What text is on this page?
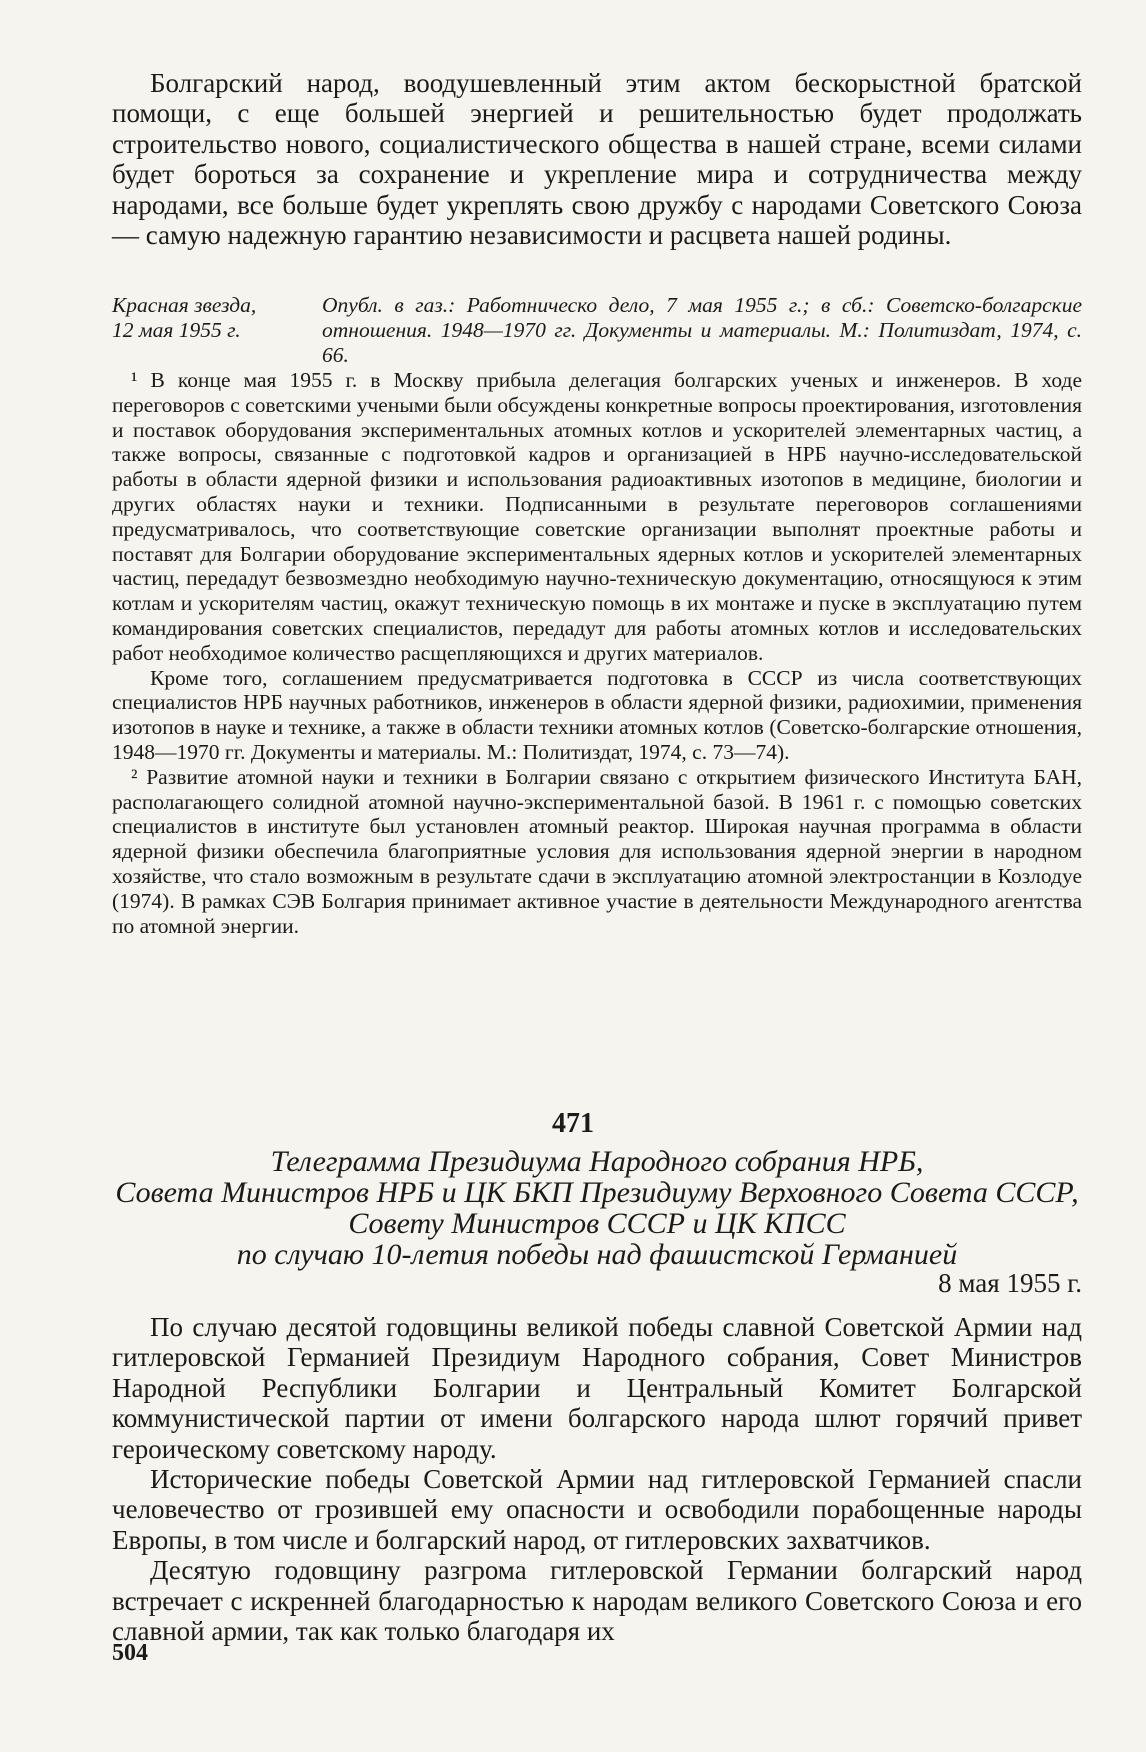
Болгарский народ, воодушевленный этим актом бескорыстной братской помощи, с еще большей энергией и решительностью будет продолжать строительство нового, социалистического общества в нашей стране, всеми силами будет бороться за сохранение и укрепление мира и сотрудничества между народами, все больше будет укреплять свою дружбу с народами Советского Союза — самую надежную гарантию независимости и расцвета нашей родины.

Красная звезда,
12 мая 1955 г.
Опубл. в газ.: Работническо дело, 7 мая 1955 г.; в сб.: Советско-болгарские отношения. 1948—1970 гг. Документы и материалы. М.: Политиздат, 1974, с. 66.

¹ В конце мая 1955 г. в Москву прибыла делегация болгарских ученых и инженеров. В ходе переговоров с советскими учеными были обсуждены конкретные вопросы проектирования, изготовления и поставок оборудования экспериментальных атомных котлов и ускорителей элементарных частиц, а также вопросы, связанные с подготовкой кадров и организацией в НРБ научно-исследовательской работы в области ядерной физики и использования радиоактивных изотопов в медицине, биологии и других областях науки и техники. Подписанными в результате переговоров соглашениями предусматривалось, что соответствующие советские организации выполнят проектные работы и поставят для Болгарии оборудование экспериментальных ядерных котлов и ускорителей элементарных частиц, передадут безвозмездно необходимую научно-техническую документацию, относящуюся к этим котлам и ускорителям частиц, окажут техническую помощь в их монтаже и пуске в эксплуатацию путем командирования советских специалистов, передадут для работы атомных котлов и исследовательских работ необходимое количество расщепляющихся и других материалов.

Кроме того, соглашением предусматривается подготовка в СССР из числа соответствующих специалистов НРБ научных работников, инженеров в области ядерной физики, радиохимии, применения изотопов в науке и технике, а также в области техники атомных котлов (Советско-болгарские отношения, 1948—1970 гг. Документы и материалы. М.: Политиздат, 1974, с. 73—74).

² Развитие атомной науки и техники в Болгарии связано с открытием физического Института БАН, располагающего солидной атомной научно-экспериментальной базой. В 1961 г. с помощью советских специалистов в институте был установлен атомный реактор. Широкая научная программа в области ядерной физики обеспечила благоприятные условия для использования ядерной энергии в народном хозяйстве, что стало возможным в результате сдачи в эксплуатацию атомной электростанции в Козлодуе (1974). В рамках СЭВ Болгария принимает активное участие в деятельности Международного агентства по атомной энергии.

471
Телеграмма Президиума Народного собрания НРБ,
Совета Министров НРБ и ЦК БКП Президиуму Верховного Совета СССР,
Совету Министров СССР и ЦК КПСС
по случаю 10-летия победы над фашистской Германией
8 мая 1955 г.

По случаю десятой годовщины великой победы славной Советской Армии над гитлеровской Германией Президиум Народного собрания, Совет Министров Народной Республики Болгарии и Центральный Комитет Болгарской коммунистической партии от имени болгарского народа шлют горячий привет героическому советскому народу.

Исторические победы Советской Армии над гитлеровской Германией спасли человечество от грозившей ему опасности и освободили порабощенные народы Европы, в том числе и болгарский народ, от гитлеровских захватчиков.

Десятую годовщину разгрома гитлеровской Германии болгарский народ встречает с искренней благодарностью к народам великого Советского Союза и его славной армии, так как только благодаря их

504
